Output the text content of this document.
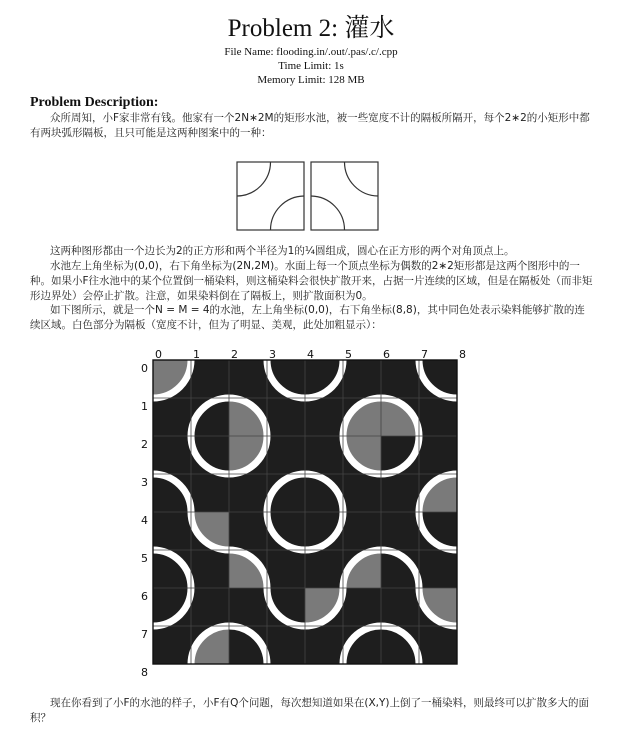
Problem 2: 灌水
File Name: flooding.in/.out/.pas/.c/.cpp
Time Limit: 1s
Memory Limit: 128 MB
Problem Description:
众所周知，小F家非常有钱。他家有一个2N∗2M的矩形水池，被一些宽度不计的隔板所隔开，每个2∗2的小矩形中都有两块弧形隔板，且只可能是这两种图案中的一种：
这两种图形都由一个边长为2的正方形和两个半径为1的¼圆组成，圆心在正方形的两个对角顶点上。
水池左上角坐标为(0,0)，右下角坐标为(2N,2M)。水面上每一个顶点坐标为偶数的2∗2矩形都是这两个图形中的一种。如果小F往水池中的某个位置倒一桶染料，则这桶染料会很快扩散开来，占据一片连续的区域，但是在隔板处（而非矩形边界处）会停止扩散。注意，如果染料倒在了隔板上，则扩散面积为0。
如下图所示，就是一个N = M = 4的水池，左上角坐标(0,0)，右下角坐标(8,8)，其中同色处表示染料能够扩散的连续区域。白色部分为隔板（宽度不计，但为了明显、美观，此处加粗显示）：
0	1	2	3	4	5	6	7	8
0
1
2
3
4
5
6
7
8
现在你看到了小F的水池的样子，小F有Q个问题，每次想知道如果在(X,Y)上倒了一桶染料，则最终可以扩散多大的面积？
